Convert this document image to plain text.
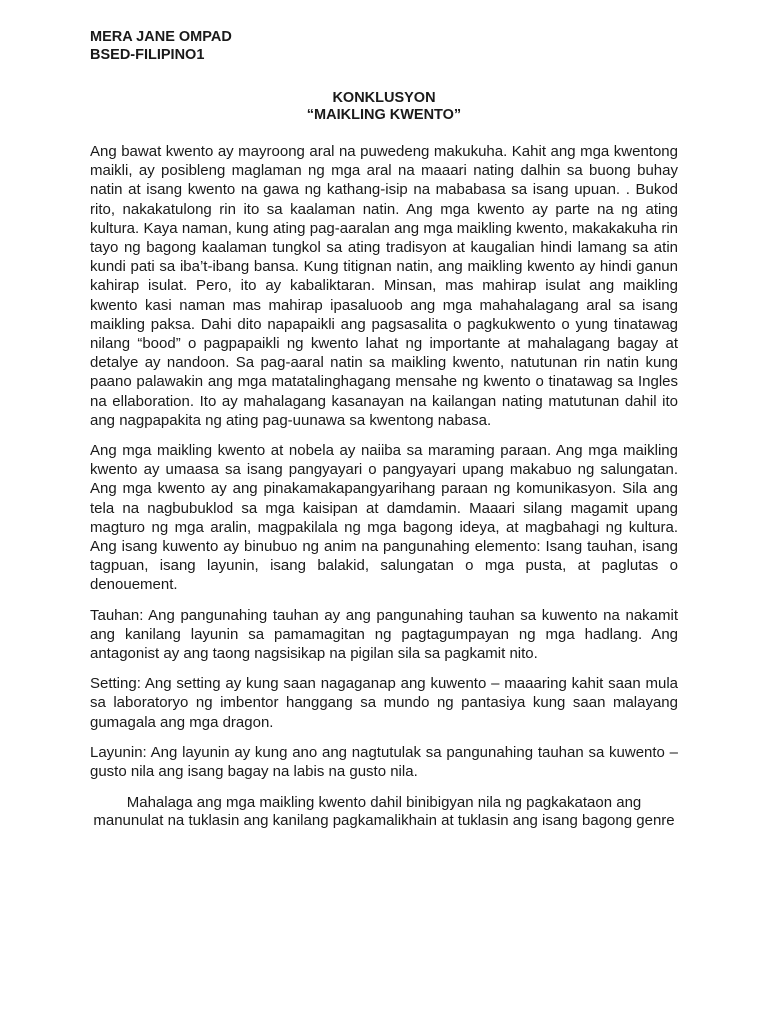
MERA JANE OMPAD
BSED-FILIPINO1
KONKLUSYON
“MAIKLING KWENTO”

Ang bawat kwento ay mayroong aral na puwedeng makukuha. Kahit ang mga kwentong maikli, ay posibleng maglaman ng mga aral na maaari nating dalhin sa buong buhay natin at isang kwento na gawa ng kathang-isip na mababasa sa isang upuan. . Bukod rito, nakakatulong rin ito sa kaalaman natin. Ang mga kwento ay parte na ng ating kultura. Kaya naman, kung ating pag-aaralan ang mga maikling kwento, makakakuha rin tayo ng bagong kaalaman tungkol sa ating tradisyon at kaugalian hindi lamang sa atin kundi pati sa iba’t-ibang bansa. Kung titignan natin, ang maikling kwento ay hindi ganun kahirap isulat. Pero, ito ay kabaliktaran. Minsan, mas mahirap isulat ang maikling kwento kasi naman mas mahirap ipasaluoob ang mga mahahalagang aral sa isang maikling paksa. Dahi dito napapaikli ang pagsasalita o pagkukwento o yung tinatawag nilang “bood” o pagpapaikli ng kwento lahat ng importante at mahalagang bagay at detalye ay nandoon. Sa pag-aaral natin sa maikling kwento, natutunan rin natin kung paano palawakin ang mga matatalinghagang mensahe ng kwento o tinatawag sa Ingles na ellaboration. Ito ay mahalagang kasanayan na kailangan nating matutunan dahil ito ang nagpapakita ng ating pag-uunawa sa kwentong nabasa.

Ang mga maikling kwento at nobela ay naiiba sa maraming paraan. Ang mga maikling kwento ay umaasa sa isang pangyayari o pangyayari upang makabuo ng salungatan. Ang mga kwento ay ang pinakamakapangyarihang paraan ng komunikasyon. Sila ang tela na nagbubuklod sa mga kaisipan at damdamin. Maaari silang magamit upang magturo ng mga aralin, magpakilala ng mga bagong ideya, at magbahagi ng kultura. Ang isang kuwento ay binubuo ng anim na pangunahing elemento: Isang tauhan, isang tagpuan, isang layunin, isang balakid, salungatan o mga pusta, at paglutas o denouement.

Tauhan: Ang pangunahing tauhan ay ang pangunahing tauhan sa kuwento na nakamit ang kanilang layunin sa pamamagitan ng pagtagumpayan ng mga hadlang. Ang antagonist ay ang taong nagsisikap na pigilan sila sa pagkamit nito.

Setting: Ang setting ay kung saan nagaganap ang kuwento – maaaring kahit saan mula sa laboratoryo ng imbentor hanggang sa mundo ng pantasiya kung saan malayang gumagala ang mga dragon.

Layunin: Ang layunin ay kung ano ang nagtutulak sa pangunahing tauhan sa kuwento – gusto nila ang isang bagay na labis na gusto nila.

Mahalaga ang mga maikling kwento dahil binibigyan nila ng pagkakataon ang manunulat na tuklasin ang kanilang pagkamalikhain at tuklasin ang isang bagong genre
